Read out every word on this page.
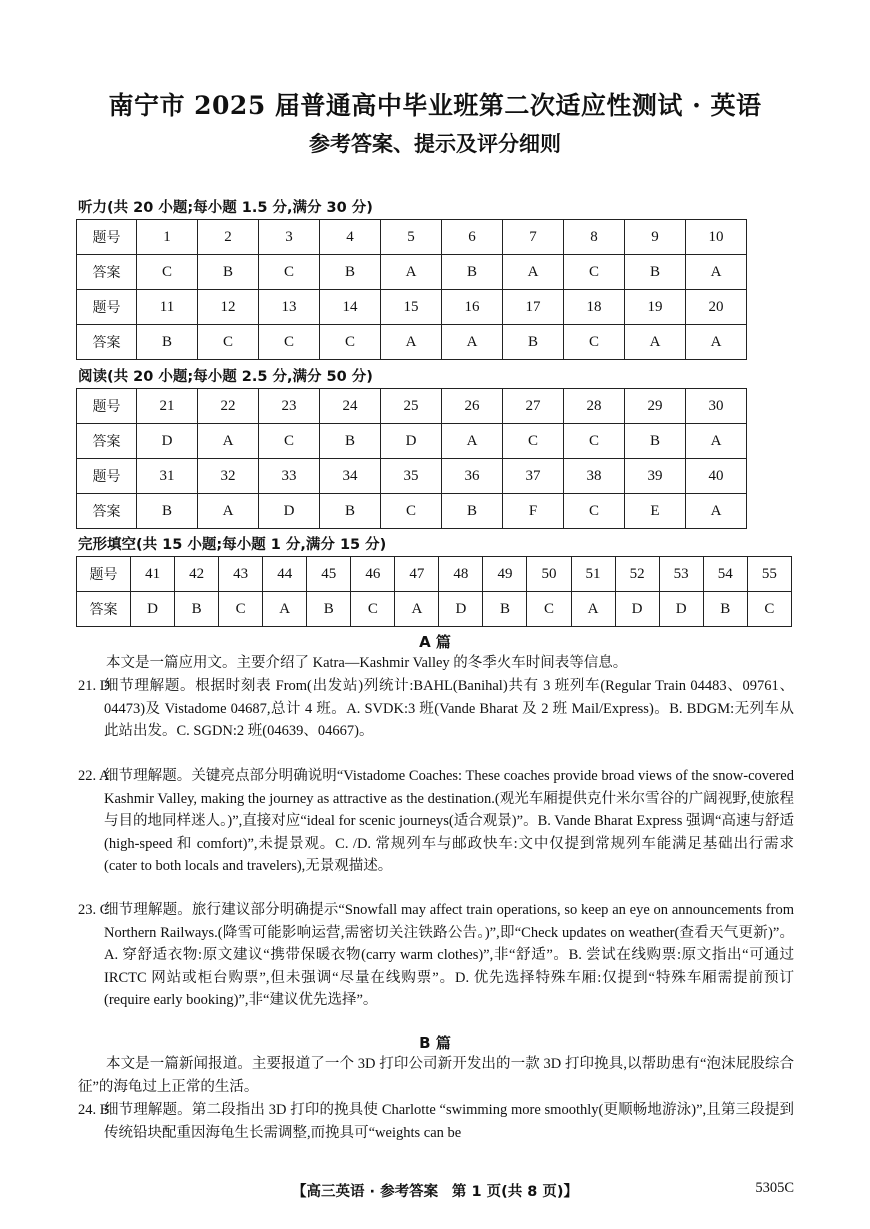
南宁市 2025 届普通高中毕业班第二次适应性测试 · 英语
参考答案、提示及评分细则
听力(共 20 小题;每小题 1.5 分,满分 30 分)
题号	1	2	3	4	5	6	7	8	9	10
答案	C	B	C	B	A	B	A	C	B	A
题号	11	12	13	14	15	16	17	18	19	20
答案	B	C	C	C	A	A	B	C	A	A
阅读(共 20 小题;每小题 2.5 分,满分 50 分)
题号	21	22	23	24	25	26	27	28	29	30
答案	D	A	C	B	D	A	C	C	B	A
题号	31	32	33	34	35	36	37	38	39	40
答案	B	A	D	B	C	B	F	C	E	A
完形填空(共 15 小题;每小题 1 分,满分 15 分)
题号	41	42	43	44	45	46	47	48	49	50	51	52	53	54	55
答案	D	B	C	A	B	C	A	D	B	C	A	D	D	B	C
A 篇
本文是一篇应用文。主要介绍了 Katra—Kashmir Valley 的冬季火车时间表等信息。
21. D
细节理解题。根据时刻表 From(出发站)列统计:BAHL(Banihal)共有 3 班列车(Regular Train 04483、09761、04473)及 Vistadome 04687,总计 4 班。A. SVDK:3 班(Vande Bharat 及 2 班 Mail/Express)。B. BDGM:无列车从此站出发。C. SGDN:2 班(04639、04667)。
22. A
细节理解题。关键亮点部分明确说明“Vistadome Coaches: These coaches provide broad views of the snow-covered Kashmir Valley, making the journey as attractive as the destination.(观光车厢提供克什米尔雪谷的广阔视野,使旅程与目的地同样迷人。)”,直接对应“ideal for scenic journeys(适合观景)”。B. Vande Bharat Express 强调“高速与舒适(high-speed 和 comfort)”,未提景观。C. /D. 常规列车与邮政快车:文中仅提到常规列车能满足基础出行需求(cater to both locals and travelers),无景观描述。
23. C
细节理解题。旅行建议部分明确提示“Snowfall may affect train operations, so keep an eye on announcements from Northern Railways.(降雪可能影响运营,需密切关注铁路公告。)”,即“Check updates on weather(查看天气更新)”。A. 穿舒适衣物:原文建议“携带保暖衣物(carry warm clothes)”,非“舒适”。B. 尝试在线购票:原文指出“可通过 IRCTC 网站或柜台购票”,但未强调“尽量在线购票”。D. 优先选择特殊车厢:仅提到“特殊车厢需提前预订(require early booking)”,非“建议优先选择”。
B 篇
本文是一篇新闻报道。主要报道了一个 3D 打印公司新开发出的一款 3D 打印挽具,以帮助患有“泡沫屁股综合征”的海龟过上正常的生活。
24. B
细节理解题。第二段指出 3D 打印的挽具使 Charlotte “swimming more smoothly(更顺畅地游泳)”,且第三段提到传统铅块配重因海龟生长需调整,而挽具可“weights can be
【高三英语 · 参考答案 第 1 页(共 8 页)】	5305C
